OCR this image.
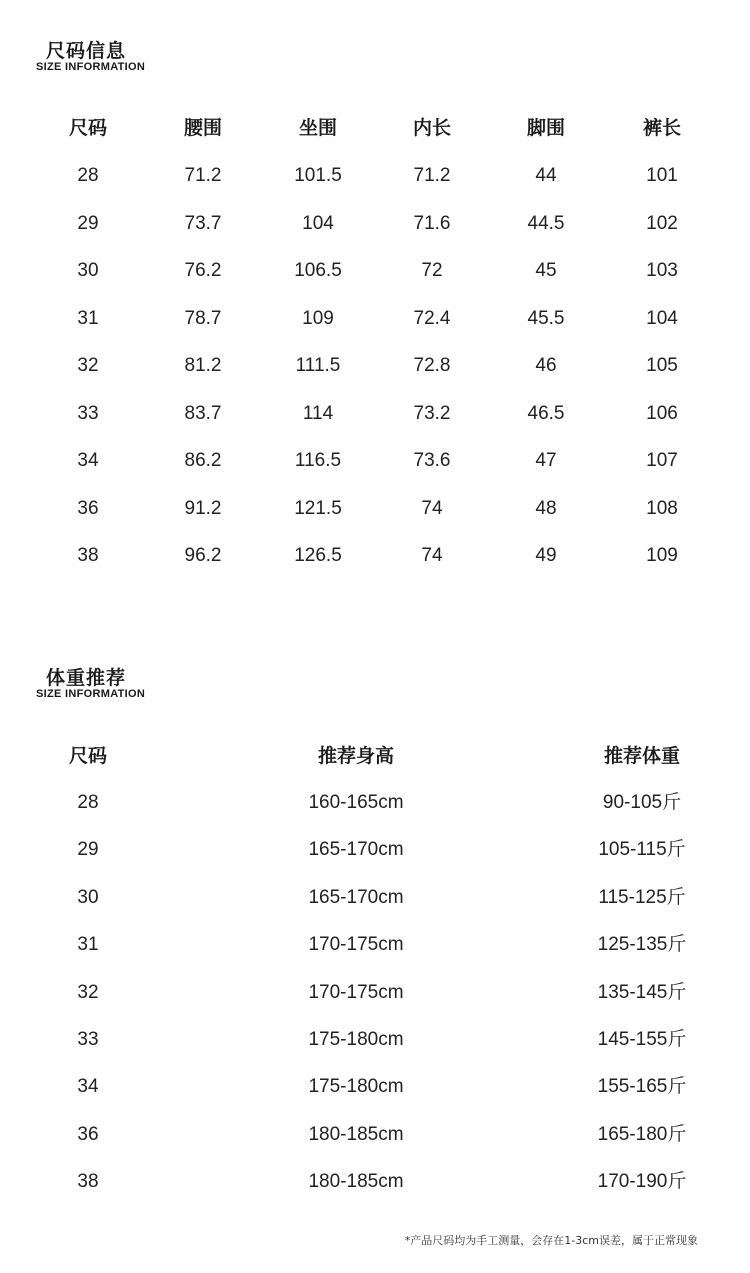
尺码信息
SIZE INFORMATION
尺码	腰围	坐围	内长	脚围	裤长
28	71.2	101.5	71.2	44	101
29	73.7	104	71.6	44.5	102
30	76.2	106.5	72	45	103
31	78.7	109	72.4	45.5	104
32	81.2	111.5	72.8	46	105
33	83.7	114	73.2	46.5	106
34	86.2	116.5	73.6	47	107
36	91.2	121.5	74	48	108
38	96.2	126.5	74	49	109
体重推荐
SIZE INFORMATION
尺码	推荐身高	推荐体重
28	160-165cm	90-105斤
29	165-170cm	105-115斤
30	165-170cm	115-125斤
31	170-175cm	125-135斤
32	170-175cm	135-145斤
33	175-180cm	145-155斤
34	175-180cm	155-165斤
36	180-185cm	165-180斤
38	180-185cm	170-190斤
*产品尺码均为手工测量，会存在1-3cm误差，属于正常现象
